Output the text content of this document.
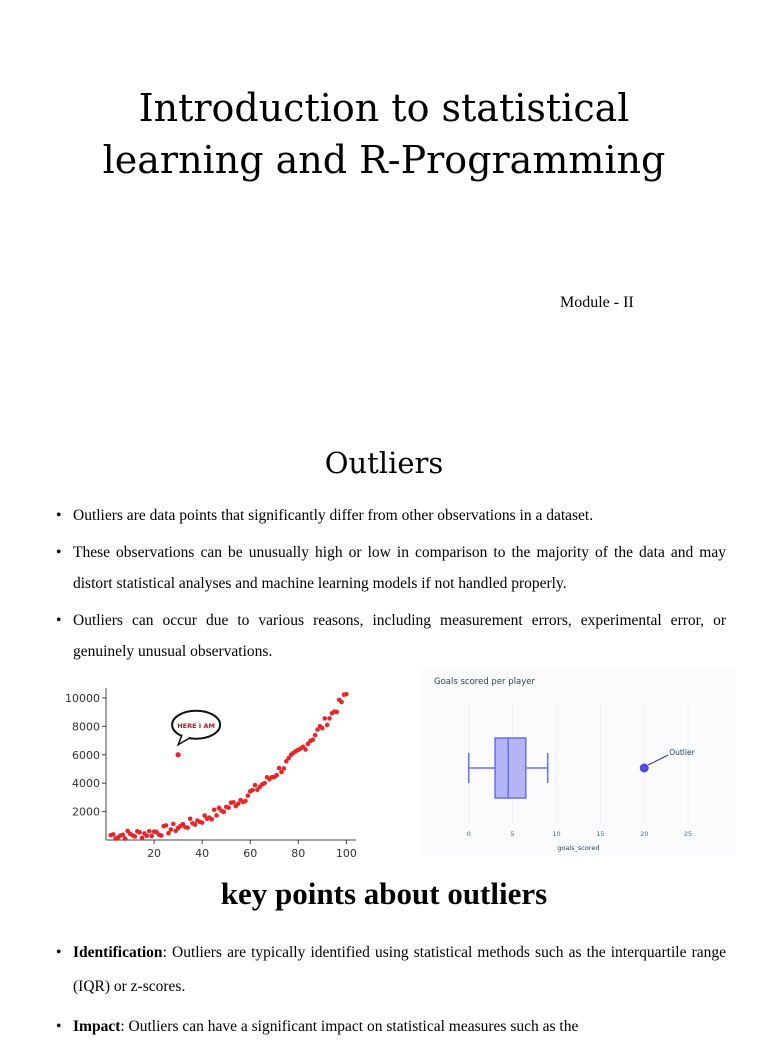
Introduction to statistical learning and R-Programming
Module - II
Outliers
• Outliers are data points that significantly differ from other observations in a dataset.
• These observations can be unusually high or low in comparison to the majority of the data and may distort statistical analyses and machine learning models if not handled properly.
• Outliers can occur due to various reasons, including measurement errors, experimental error, or genuinely unusual observations.
2000
4000
6000
8000
10000
20	40	60	80	100
HERE I AM
Goals scored per player
0	5	10	15	20	25
goals_scored
Outlier
key points about outliers
• Identification: Outliers are typically identified using statistical methods such as the interquartile range (IQR) or z-scores.
• Impact: Outliers can have a significant impact on statistical measures such as the
